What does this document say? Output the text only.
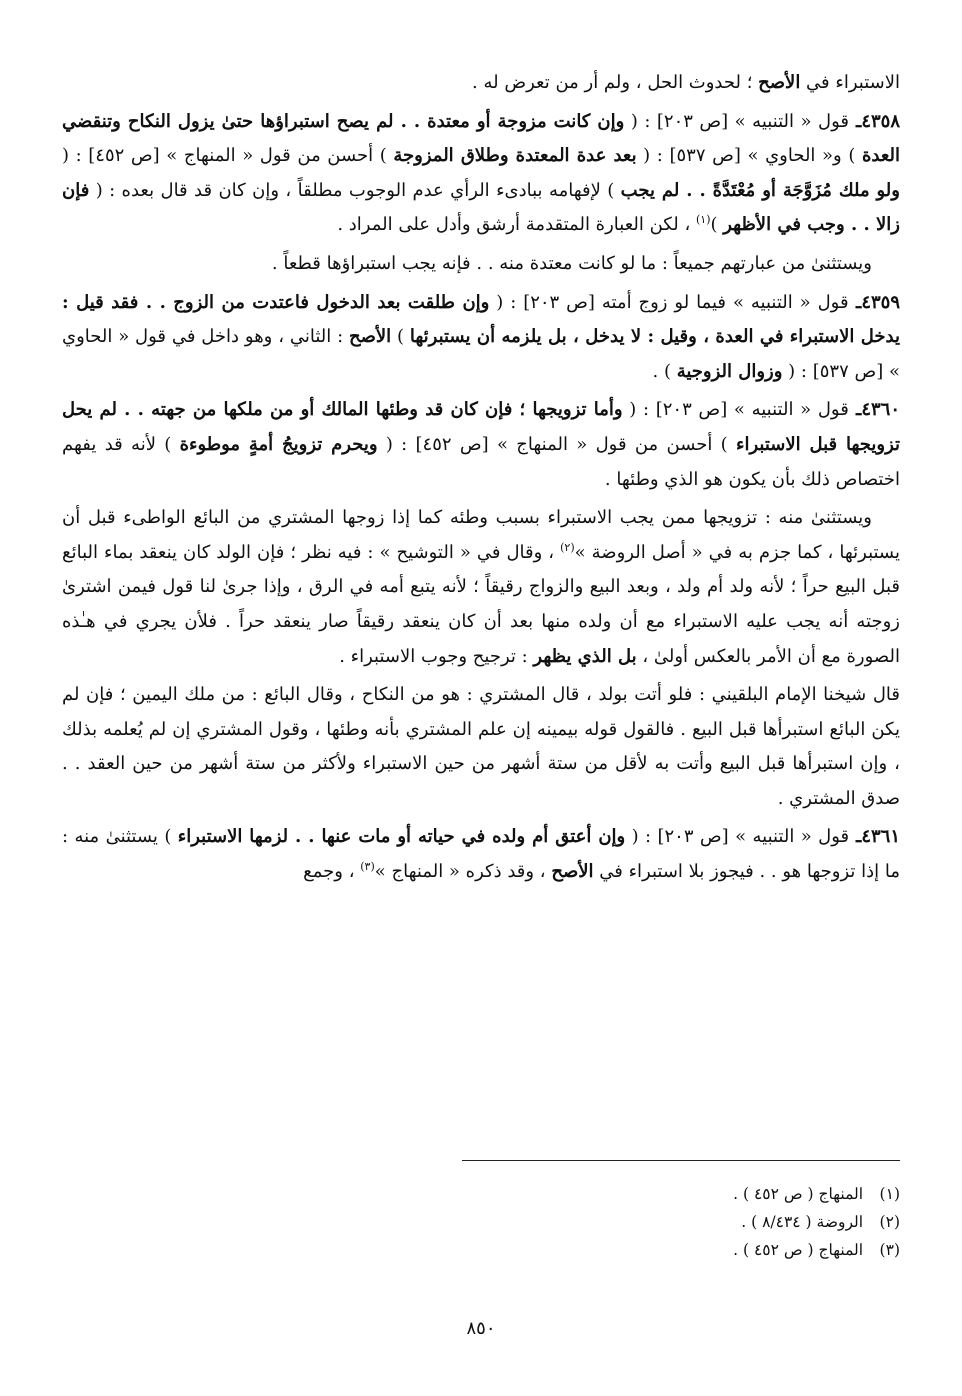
الاستبراء في الأصح ؛ لحدوث الحل ، ولم أر من تعرض له .

٤٣٥٨ـ قول « التنبيه » [ص ٢٠٣] : ( وإن كانت مزوجة أو معتدة . . لم يصح استبراؤها حتىٰ يزول النكاح وتنقضي العدة ) و« الحاوي » [ص ٥٣٧] : ( بعد عدة المعتدة وطلاق المزوجة ) أحسن من قول « المنهاج » [ص ٤٥٢] : ( ولو ملك مُزَوَّجَة أو مُعْتَدَّةً . . لم يجب ) لإفهامه ببادىء الرأي عدم الوجوب مطلقاً ، وإن كان قد قال بعده : ( فإن زالا . . وجب في الأظهر )$^{(١)}$ ، لكن العبارة المتقدمة أرشق وأدل على المراد .

ويستثنىٰ من عبارتهم جميعاً : ما لو كانت معتدة منه . . فإنه يجب استبراؤها قطعاً .

٤٣٥٩ـ قول « التنبيه » فيما لو زوج أمته [ص ٢٠٣] : ( وإن طلقت بعد الدخول فاعتدت من الزوج . . فقد قيل : يدخل الاستبراء في العدة ، وقيل : لا يدخل ، بل يلزمه أن يستبرئها ) الأصح : الثاني ، وهو داخل في قول « الحاوي » [ص ٥٣٧] : ( وزوال الزوجية ) .

٤٣٦٠ـ قول « التنبيه » [ص ٢٠٣] : ( وأما تزويجها ؛ فإن كان قد وطئها المالك أو من ملكها من جهته . . لم يحل تزويجها قبل الاستبراء ) أحسن من قول « المنهاج » [ص ٤٥٢] : ( ويحرم تزويجُ أمةٍ موطوءة ) لأنه قد يفهم اختصاص ذلك بأن يكون هو الذي وطئها .

ويستثنىٰ منه : تزويجها ممن يجب الاستبراء بسبب وطئه كما إذا زوجها المشتري من البائع الواطىء قبل أن يستبرئها ، كما جزم به في « أصل الروضة »$^{(٢)}$ ، وقال في « التوشيح » : فيه نظر ؛ فإن الولد كان ينعقد بماء البائع قبل البيع حراً ؛ لأنه ولد أم ولد ، وبعد البيع والزواج رقيقاً ؛ لأنه يتبع أمه في الرق ، وإذا جرىٰ لنا قول فيمن اشترىٰ زوجته أنه يجب عليه الاستبراء مع أن ولده منها بعد أن كان ينعقد رقيقاً صار ينعقد حراً . فلأن يجري في هـٰذه الصورة مع أن الأمر بالعكس أولىٰ ، بل الذي يظهر : ترجيح وجوب الاستبراء .

قال شيخنا الإمام البلقيني : فلو أتت بولد ، قال المشتري : هو من النكاح ، وقال البائع : من ملك اليمين ؛ فإن لم يكن البائع استبرأها قبل البيع . فالقول قوله بيمينه إن علم المشتري بأنه وطئها ، وقول المشتري إن لم يُعلمه بذلك ، وإن استبرأها قبل البيع وأتت به لأقل من ستة أشهر من حين الاستبراء ولأكثر من ستة أشهر من حين العقد . . صدق المشتري .

٤٣٦١ـ قول « التنبيه » [ص ٢٠٣] : ( وإن أعتق أم ولده في حياته أو مات عنها . . لزمها الاستبراء ) يستثنىٰ منه : ما إذا تزوجها هو . . فيجوز بلا استبراء في الأصح ، وقد ذكره « المنهاج »$^{(٣)}$ ، وجمع

(١) المنهاج ( ص ٤٥٢ ) .
(٢) الروضة ( ٨/٤٣٤ ) .
(٣) المنهاج ( ص ٤٥٢ ) .
٨٥٠
